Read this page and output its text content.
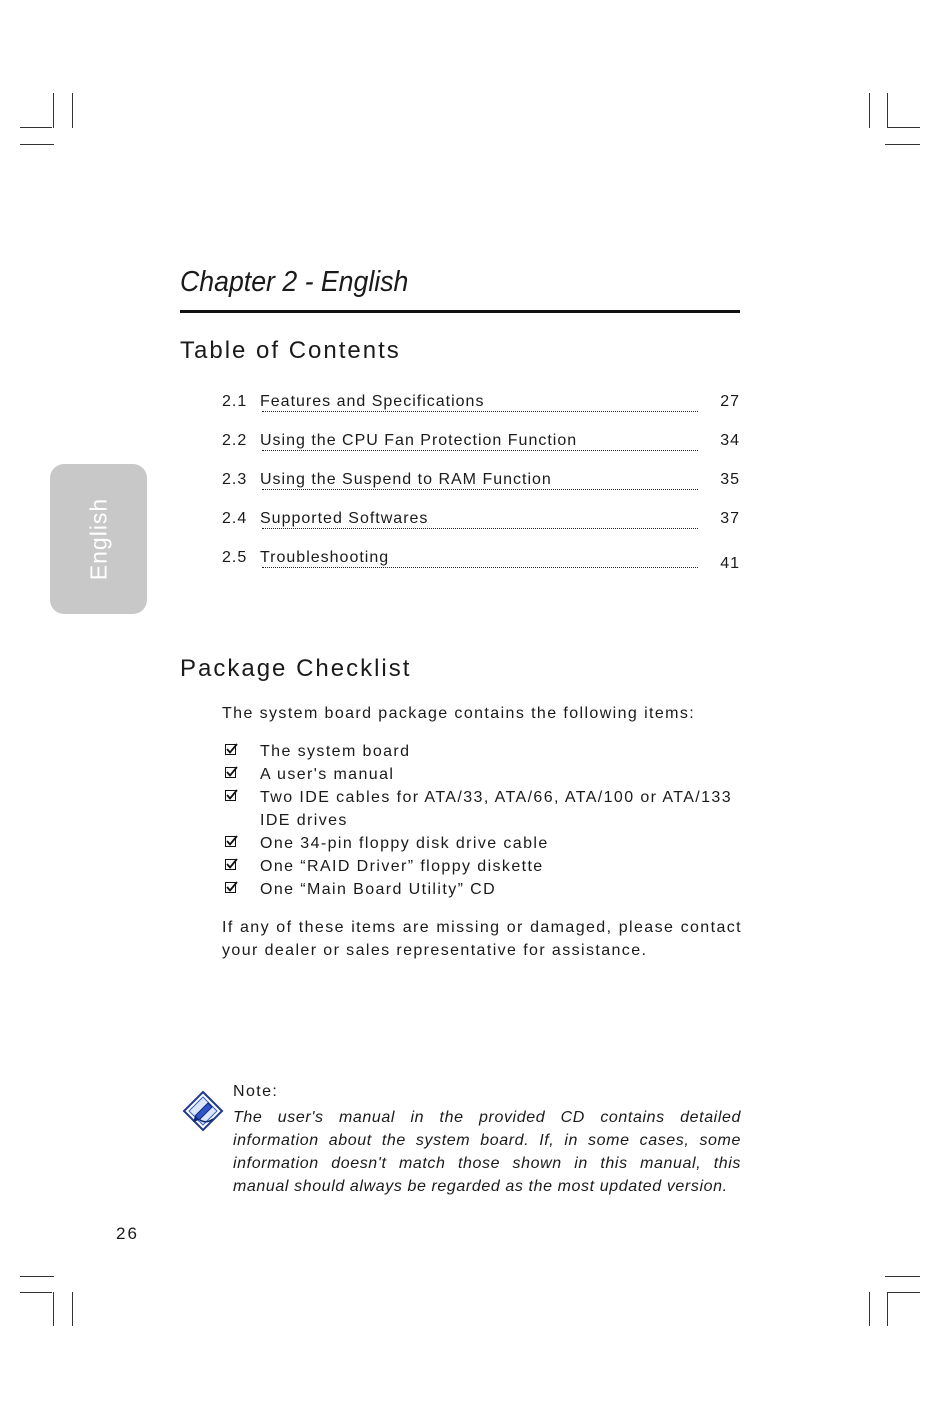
English
Chapter 2 - English
Table of Contents
2.1 Features and Specifications	27
2.2 Using the CPU Fan Protection Function	34
2.3 Using the Suspend to RAM Function	35
2.4 Supported Softwares	37
2.5 Troubleshooting	41
Package Checklist
The system board package contains the following items:
The system board
A user's manual
Two IDE cables for ATA/33, ATA/66, ATA/100 or ATA/133 IDE drives
One 34-pin floppy disk drive cable
One “RAID Driver” floppy diskette
One “Main Board Utility” CD
If any of these items are missing or damaged, please contact your dealer or sales representative for assistance.
Note:
The user's manual in the provided CD contains detailed information about the system board. If, in some cases, some information doesn't match those shown in this manual, this manual should always be regarded as the most updated version.
26
